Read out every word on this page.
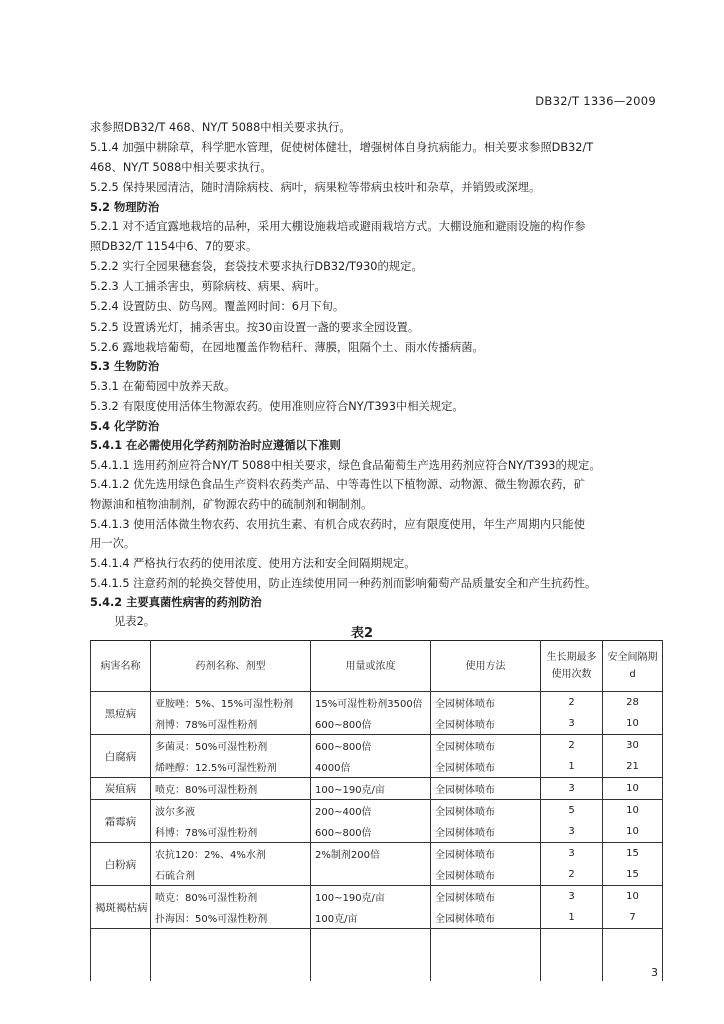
DB32/T 1336—2009
求参照DB32/T 468、NY/T 5088中相关要求执行。
5.1.4 加强中耕除草，科学肥水管理，促使树体健壮，增强树体自身抗病能力。相关要求参照DB32/T
468、NY/T 5088中相关要求执行。
5.2.5 保持果园清洁，随时清除病枝、病叶，病果粒等带病虫枝叶和杂草，并销毁或深埋。
5.2 物理防治
5.2.1 对不适宜露地栽培的品种，采用大棚设施栽培或避雨栽培方式。大棚设施和避雨设施的构作参
照DB32/T 1154中6、7的要求。
5.2.2 实行全园果穗套袋，套袋技术要求执行DB32/T930的规定。
5.2.3 人工捕杀害虫，剪除病枝、病果、病叶。
5.2.4 设置防虫、防鸟网。覆盖网时间：6月下旬。
5.2.5 设置诱光灯，捕杀害虫。按30亩设置一盏的要求全园设置。
5.2.6 露地栽培葡萄，在园地覆盖作物秸秆、薄膜，阻隔个土、雨水传播病菌。
5.3 生物防治
5.3.1 在葡萄园中放养天敌。
5.3.2 有限度使用活体生物源农药。使用准则应符合NY/T393中相关规定。
5.4 化学防治
5.4.1 在必需使用化学药剂防治时应遵循以下准则
5.4.1.1 选用药剂应符合NY/T 5088中相关要求，绿色食品葡萄生产选用药剂应符合NY/T393的规定。
5.4.1.2 优先选用绿色食品生产资料农药类产品、中等毒性以下植物源、动物源、微生物源农药，矿
物源油和植物油制剂，矿物源农药中的硫制剂和铜制剂。
5.4.1.3 使用活体微生物农药、农用抗生素、有机合成农药时，应有限度使用，年生产周期内只能使
用一次。
5.4.1.4 严格执行农药的使用浓度、使用方法和安全间隔期规定。
5.4.1.5 注意药剂的轮换交替使用，防止连续使用同一种药剂而影响葡萄产品质量安全和产生抗药性。
5.4.2 主要真菌性病害的药剂防治
见表2。
表2
病害名称	药剂名称、剂型	用量或浓度	使用方法	生长期最多使用次数	安全间隔期 d
黑痘病	亚胺唑：5%、15%可湿性粉剂	15%可湿性粉剂3500倍	全园树体喷布	2	28
	剂博：78%可湿性粉剂	600~800倍	全园树体喷布	3	10
白腐病	多菌灵：50%可湿性粉剂	600~800倍	全园树体喷布	2	30
	烯唑醇：12.5%可湿性粉剂	4000倍	全园树体喷布	1	21
炭疽病	喷克：80%可湿性粉剂	100~190克/亩	全园树体喷布	3	10
霜霉病	波尔多液	200~400倍	全园树体喷布	5	10
	科博：78%可湿性粉剂	600~800倍	全园树体喷布	3	10
白粉病	农抗120：2%、4%水剂	2%制剂200倍	全园树体喷布	3	15
	石硫合剂		全园树体喷布	2	15
褐斑褐枯病	喷克：80%可湿性粉剂	100~190克/亩	全园树体喷布	3	10
	扑海因：50%可湿性粉剂	100克/亩	全园树体喷布	1	7

3
